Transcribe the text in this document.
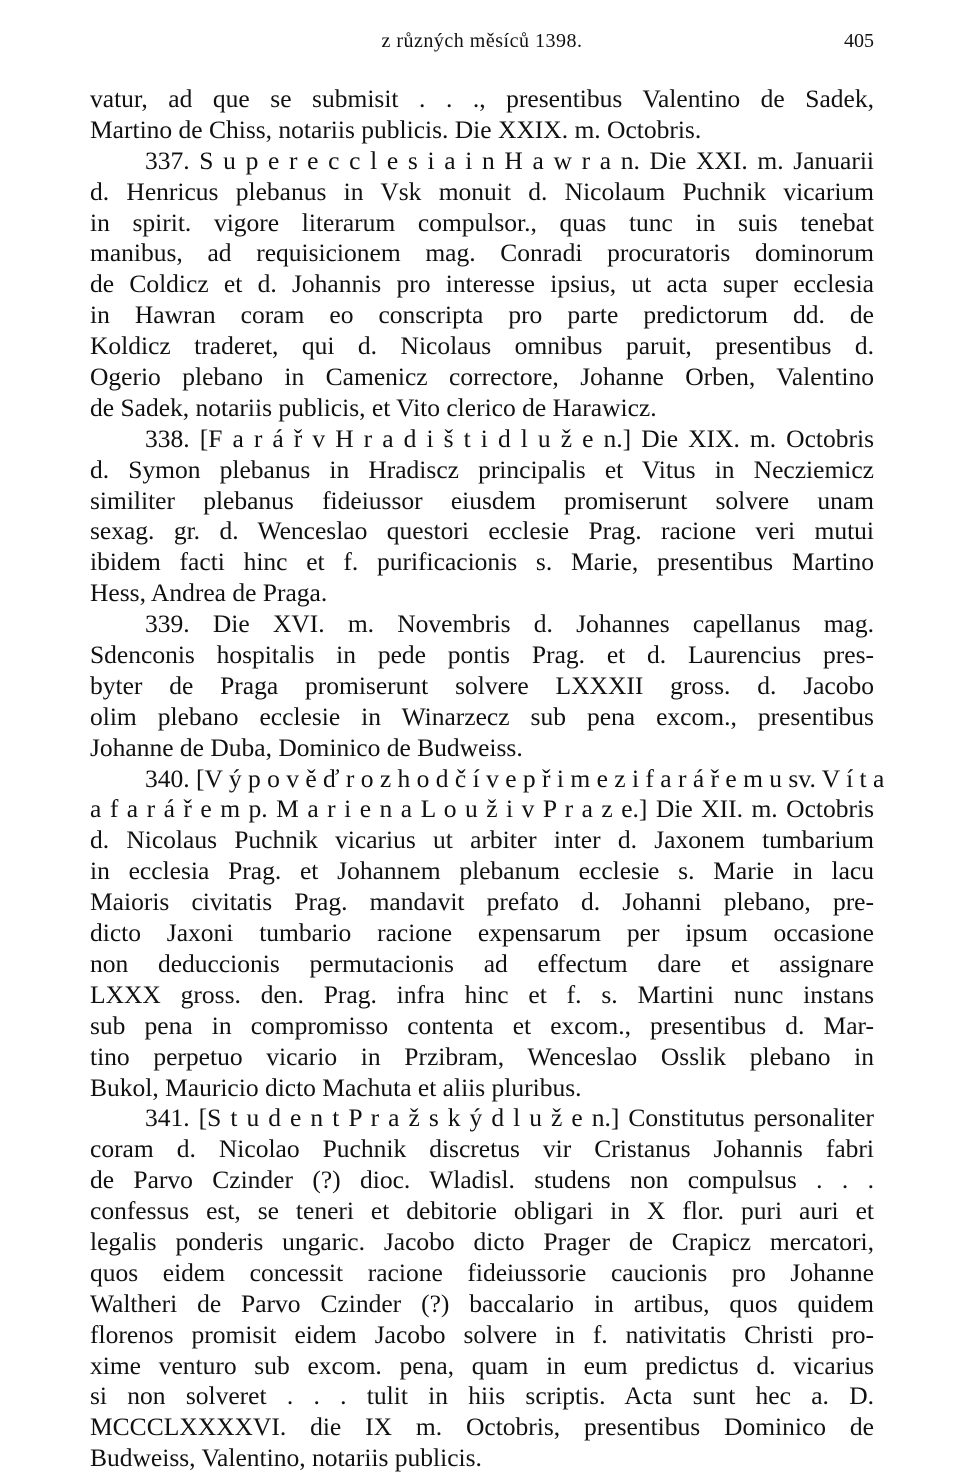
z různých měsíců 1398.	405
vatur, ad que se submisit . . ., presentibus Valentino de Sadek,
Martino de Chiss, notariis publicis. Die XXIX. m. Octobris.
337. S u p e r e c c l e s i a i n H a w r a n. Die XXI. m. Januarii
d. Henricus plebanus in Vsk monuit d. Nicolaum Puchnik vicarium
in spirit. vigore literarum compulsor., quas tunc in suis tenebat
manibus, ad requisicionem mag. Conradi procuratoris dominorum
de Coldicz et d. Johannis pro interesse ipsius, ut acta super ecclesia
in Hawran coram eo conscripta pro parte predictorum dd. de
Koldicz traderet, qui d. Nicolaus omnibus paruit, presentibus d.
Ogerio plebano in Camenicz correctore, Johanne Orben, Valentino
de Sadek, notariis publicis, et Vito clerico de Harawicz.
338. [F a r á ř v H r a d i š t i d l u ž e n.] Die XIX. m. Octobris
d. Symon plebanus in Hradiscz principalis et Vitus in Necziemicz
similiter plebanus fideiussor eiusdem promiserunt solvere unam
sexag. gr. d. Wenceslao questori ecclesie Prag. racione veri mutui
ibidem facti hinc et f. purificacionis s. Marie, presentibus Martino
Hess, Andrea de Praga.
339. Die XVI. m. Novembris d. Johannes capellanus mag.
Sdenconis hospitalis in pede pontis Prag. et d. Laurencius pres-
byter de Praga promiserunt solvere LXXXII gross. d. Jacobo
olim plebano ecclesie in Winarzecz sub pena excom., presentibus
Johanne de Duba, Dominico de Budweiss.
340. [V ý p o v ě ď r o z h o d č í v e p ř i m e z i f a r á ř e m u sv. V í t a
a f a r á ř e m p. M a r i e n a L o u ž i v P r a z e.] Die XII. m. Octobris
d. Nicolaus Puchnik vicarius ut arbiter inter d. Jaxonem tumbarium
in ecclesia Prag. et Johannem plebanum ecclesie s. Marie in lacu
Maioris civitatis Prag. mandavit prefato d. Johanni plebano, pre-
dicto Jaxoni tumbario racione expensarum per ipsum occasione
non deduccionis permutacionis ad effectum dare et assignare
LXXX gross. den. Prag. infra hinc et f. s. Martini nunc instans
sub pena in compromisso contenta et excom., presentibus d. Mar-
tino perpetuo vicario in Przibram, Wenceslao Osslik plebano in
Bukol, Mauricio dicto Machuta et aliis pluribus.
341. [S t u d e n t P r a ž s k ý d l u ž e n.] Constitutus personaliter
coram d. Nicolao Puchnik discretus vir Cristanus Johannis fabri
de Parvo Czinder (?) dioc. Wladisl. studens non compulsus . . .
confessus est, se teneri et debitorie obligari in X flor. puri auri et
legalis ponderis ungaric. Jacobo dicto Prager de Crapicz mercatori,
quos eidem concessit racione fideiussorie caucionis pro Johanne
Waltheri de Parvo Czinder (?) baccalario in artibus, quos quidem
florenos promisit eidem Jacobo solvere in f. nativitatis Christi pro-
xime venturo sub excom. pena, quam in eum predictus d. vicarius
si non solveret . . . tulit in hiis scriptis. Acta sunt hec a. D.
MCCCLXXXXVI. die IX m. Octobris, presentibus Dominico de
Budweiss, Valentino, notariis publicis.
